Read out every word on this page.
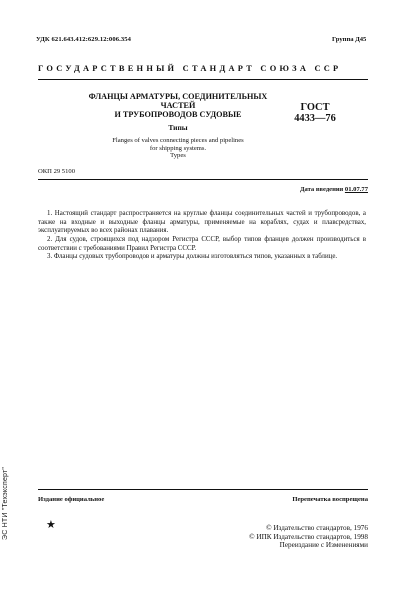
УДК 621.643.412:629.12:006.354	Группа Д45
ГОСУДАРСТВЕННЫЙ СТАНДАРТ СОЮЗА ССР
ФЛАНЦЫ АРМАТУРЫ, СОЕДИНИТЕЛЬНЫХ ЧАСТЕЙ
И ТРУБОПРОВОДОВ СУДОВЫЕ
ГОСТ
4433—76
Типы
Flanges of valves connecting pieces and pipelines
for shipping systems.
Types
ОКП 29 5100
Дата введения 01.07.77

1. Настоящий стандарт распространяется на круглые фланцы соединительных частей и трубопроводов, а также на входные и выходные фланцы арматуры, применяемые на кораблях, судах и плавсредствах, эксплуатируемых во всех районах плавания.

2. Для судов, строящихся под надзором Регистра СССР, выбор типов фланцев должен производиться в соответствии с требованиями Правил Регистра СССР.

3. Фланцы судовых трубопроводов и арматуры должны изготовляться типов, указанных в таблице.

ЭС НТИ "Техэксперт"	Издание официальное	Перепечатка воспрещена
★	© Издательство стандартов, 1976
© ИПК Издательство стандартов, 1998
Переиздание с Изменениями
